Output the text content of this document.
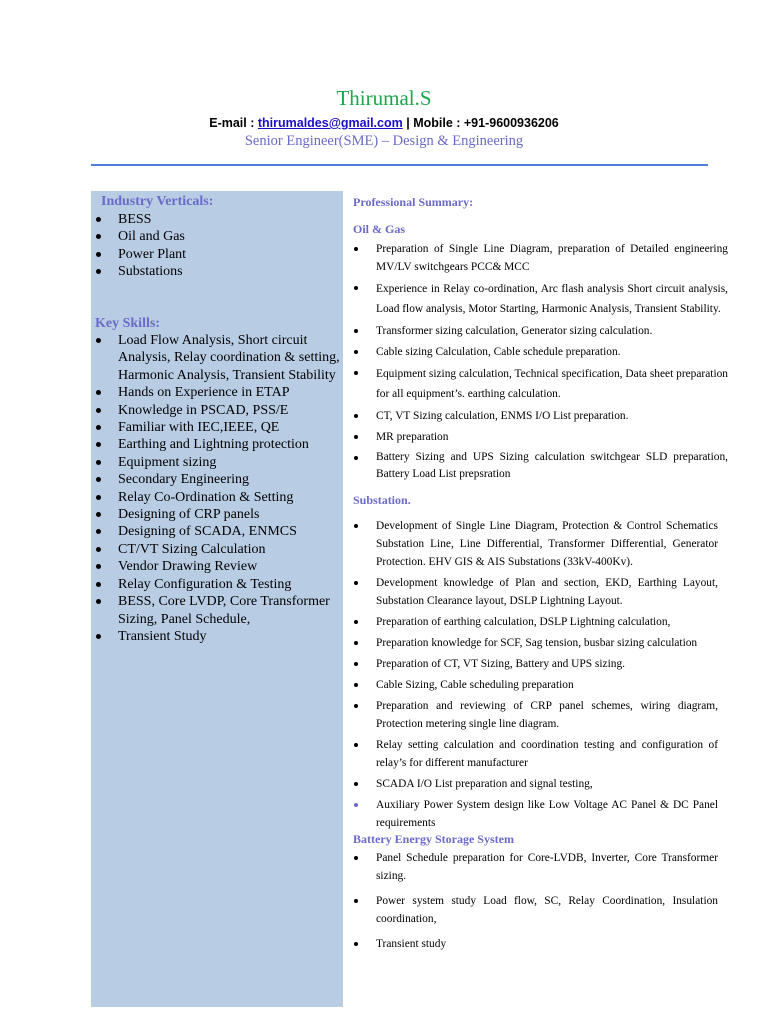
Thirumal.S
E-mail : thirumaldes@gmail.com | Mobile : +91-9600936206
Senior Engineer(SME) – Design & Engineering
Industry Verticals:
BESS
Oil and Gas
Power Plant
Substations
Key Skills:
Load Flow Analysis, Short circuit Analysis, Relay coordination & setting, Harmonic Analysis, Transient Stability
Hands on Experience in ETAP
Knowledge in PSCAD, PSS/E
Familiar with IEC,IEEE, QE
Earthing and Lightning protection
Equipment sizing
Secondary Engineering
Relay Co-Ordination & Setting
Designing of CRP panels
Designing of SCADA, ENMCS
CT/VT Sizing Calculation
Vendor Drawing Review
Relay Configuration & Testing
BESS, Core LVDP, Core Transformer Sizing, Panel Schedule,
Transient Study
Professional Summary:
Oil & Gas
Preparation of Single Line Diagram, preparation of Detailed engineering MV/LV switchgears PCC& MCC
Experience in Relay co-ordination, Arc flash analysis Short circuit analysis, Load flow analysis, Motor Starting, Harmonic Analysis, Transient Stability.
Transformer sizing calculation, Generator sizing calculation.
Cable sizing Calculation, Cable schedule preparation.
Equipment sizing calculation, Technical specification, Data sheet preparation for all equipment’s. earthing calculation.
CT, VT Sizing calculation, ENMS I/O List preparation.
MR preparation
Battery Sizing and UPS Sizing calculation switchgear SLD preparation, Battery Load List prepsration
Substation.
Development of Single Line Diagram, Protection & Control Schematics Substation Line, Line Differential, Transformer Differential, Generator Protection. EHV GIS & AIS Substations (33kV-400Kv).
Development knowledge of Plan and section, EKD, Earthing Layout, Substation Clearance layout, DSLP Lightning Layout.
Preparation of earthing calculation, DSLP Lightning calculation,
Preparation knowledge for SCF, Sag tension, busbar sizing calculation
Preparation of CT, VT Sizing, Battery and UPS sizing.
Cable Sizing, Cable scheduling preparation
Preparation and reviewing of CRP panel schemes, wiring diagram, Protection metering single line diagram.
Relay setting calculation and coordination testing and configuration of relay’s for different manufacturer
SCADA I/O List preparation and signal testing,
Auxiliary Power System design like Low Voltage AC Panel & DC Panel requirements
Battery Energy Storage System
Panel Schedule preparation for Core-LVDB, Inverter, Core Transformer sizing.
Power system study Load flow, SC, Relay Coordination, Insulation coordination,
Transient study
